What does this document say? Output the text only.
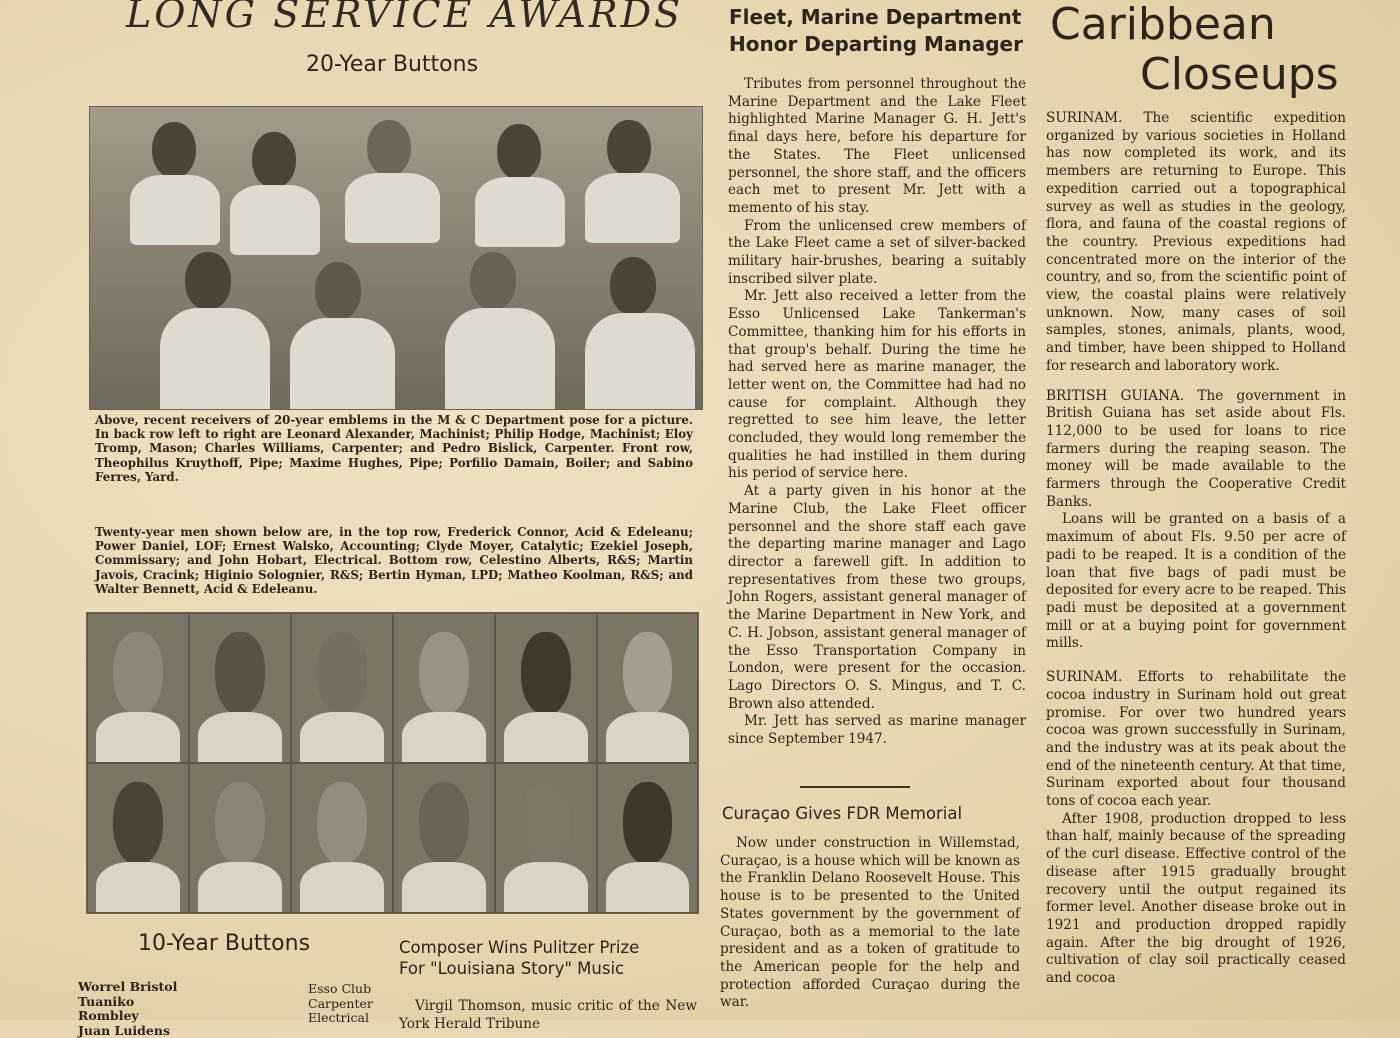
LONG SERVICE AWARDS
20-Year Buttons
Above, recent receivers of 20-year emblems in the M & C Department pose for a picture. In back row left to right are Leonard Alexander, Machinist; Philip Hodge, Machinist; Eloy Tromp, Mason; Charles Williams, Carpenter; and Pedro Bislick, Carpenter. Front row, Theophilus Kruythoff, Pipe; Maxime Hughes, Pipe; Porfilio Damain, Boiler; and Sabino Ferres, Yard.
Twenty-year men shown below are, in the top row, Frederick Connor, Acid & Edeleanu; Power Daniel, LOF; Ernest Walsko, Accounting; Clyde Moyer, Catalytic; Ezekiel Joseph, Commissary; and John Hobart, Electrical. Bottom row, Celestino Alberts, R&S; Martin Javois, Cracink; Higinio Solognier, R&S; Bertin Hyman, LPD; Matheo Koolman, R&S; and Walter Bennett, Acid & Edeleanu.
10-Year Buttons
Worrel Bristol
Tuaniko Rombley
Juan Luidens
Esso Club
Carpenter
Electrical
Composer Wins Pulitzer Prize
For "Louisiana Story" Music

Virgil Thomson, music critic of the New York Herald Tribune

Fleet, Marine Department
Honor Departing Manager

Tributes from personnel throughout the Marine Department and the Lake Fleet highlighted Marine Manager G. H. Jett's final days here, before his departure for the States. The Fleet unlicensed personnel, the shore staff, and the officers each met to present Mr. Jett with a memento of his stay.

From the unlicensed crew members of the Lake Fleet came a set of silver-backed military hair-brushes, bearing a suitably inscribed silver plate.

Mr. Jett also received a letter from the Esso Unlicensed Lake Tankerman's Committee, thanking him for his efforts in that group's behalf. During the time he had served here as marine manager, the letter went on, the Committee had had no cause for complaint. Although they regretted to see him leave, the letter concluded, they would long remember the qualities he had instilled in them during his period of service here.

At a party given in his honor at the Marine Club, the Lake Fleet officer personnel and the shore staff each gave the departing marine manager and Lago director a farewell gift. In addition to representatives from these two groups, John Rogers, assistant general manager of the Marine Department in New York, and C. H. Jobson, assistant general manager of the Esso Transportation Company in London, were present for the occasion. Lago Directors O. S. Mingus, and T. C. Brown also attended.

Mr. Jett has served as marine manager since September 1947.

Curaçao Gives FDR Memorial

Now under construction in Willemstad, Curaçao, is a house which will be known as the Franklin Delano Roosevelt House. This house is to be presented to the United States government by the government of Curaçao, both as a memorial to the late president and as a token of gratitude to the American people for the help and protection afforded Curaçao during the war.

Caribbean
Closeups

SURINAM. The scientific expedition organized by various societies in Holland has now completed its work, and its members are returning to Europe. This expedition carried out a topographical survey as well as studies in the geology, flora, and fauna of the coastal regions of the country. Previous expeditions had concentrated more on the interior of the country, and so, from the scientific point of view, the coastal plains were relatively unknown. Now, many cases of soil samples, stones, animals, plants, wood, and timber, have been shipped to Holland for research and laboratory work.

BRITISH GUIANA. The government in British Guiana has set aside about Fls. 112,000 to be used for loans to rice farmers during the reaping season. The money will be made available to the farmers through the Cooperative Credit Banks.

Loans will be granted on a basis of a maximum of about Fls. 9.50 per acre of padi to be reaped. It is a condition of the loan that five bags of padi must be deposited for every acre to be reaped. This padi must be deposited at a government mill or at a buying point for government mills.

SURINAM. Efforts to rehabilitate the cocoa industry in Surinam hold out great promise. For over two hundred years cocoa was grown successfully in Surinam, and the industry was at its peak about the end of the nineteenth century. At that time, Surinam exported about four thousand tons of cocoa each year.

After 1908, production dropped to less than half, mainly because of the spreading of the curl disease. Effective control of the disease after 1915 gradually brought recovery until the output regained its former level. Another disease broke out in 1921 and production dropped rapidly again. After the big drought of 1926, cultivation of clay soil practically ceased and cocoa
